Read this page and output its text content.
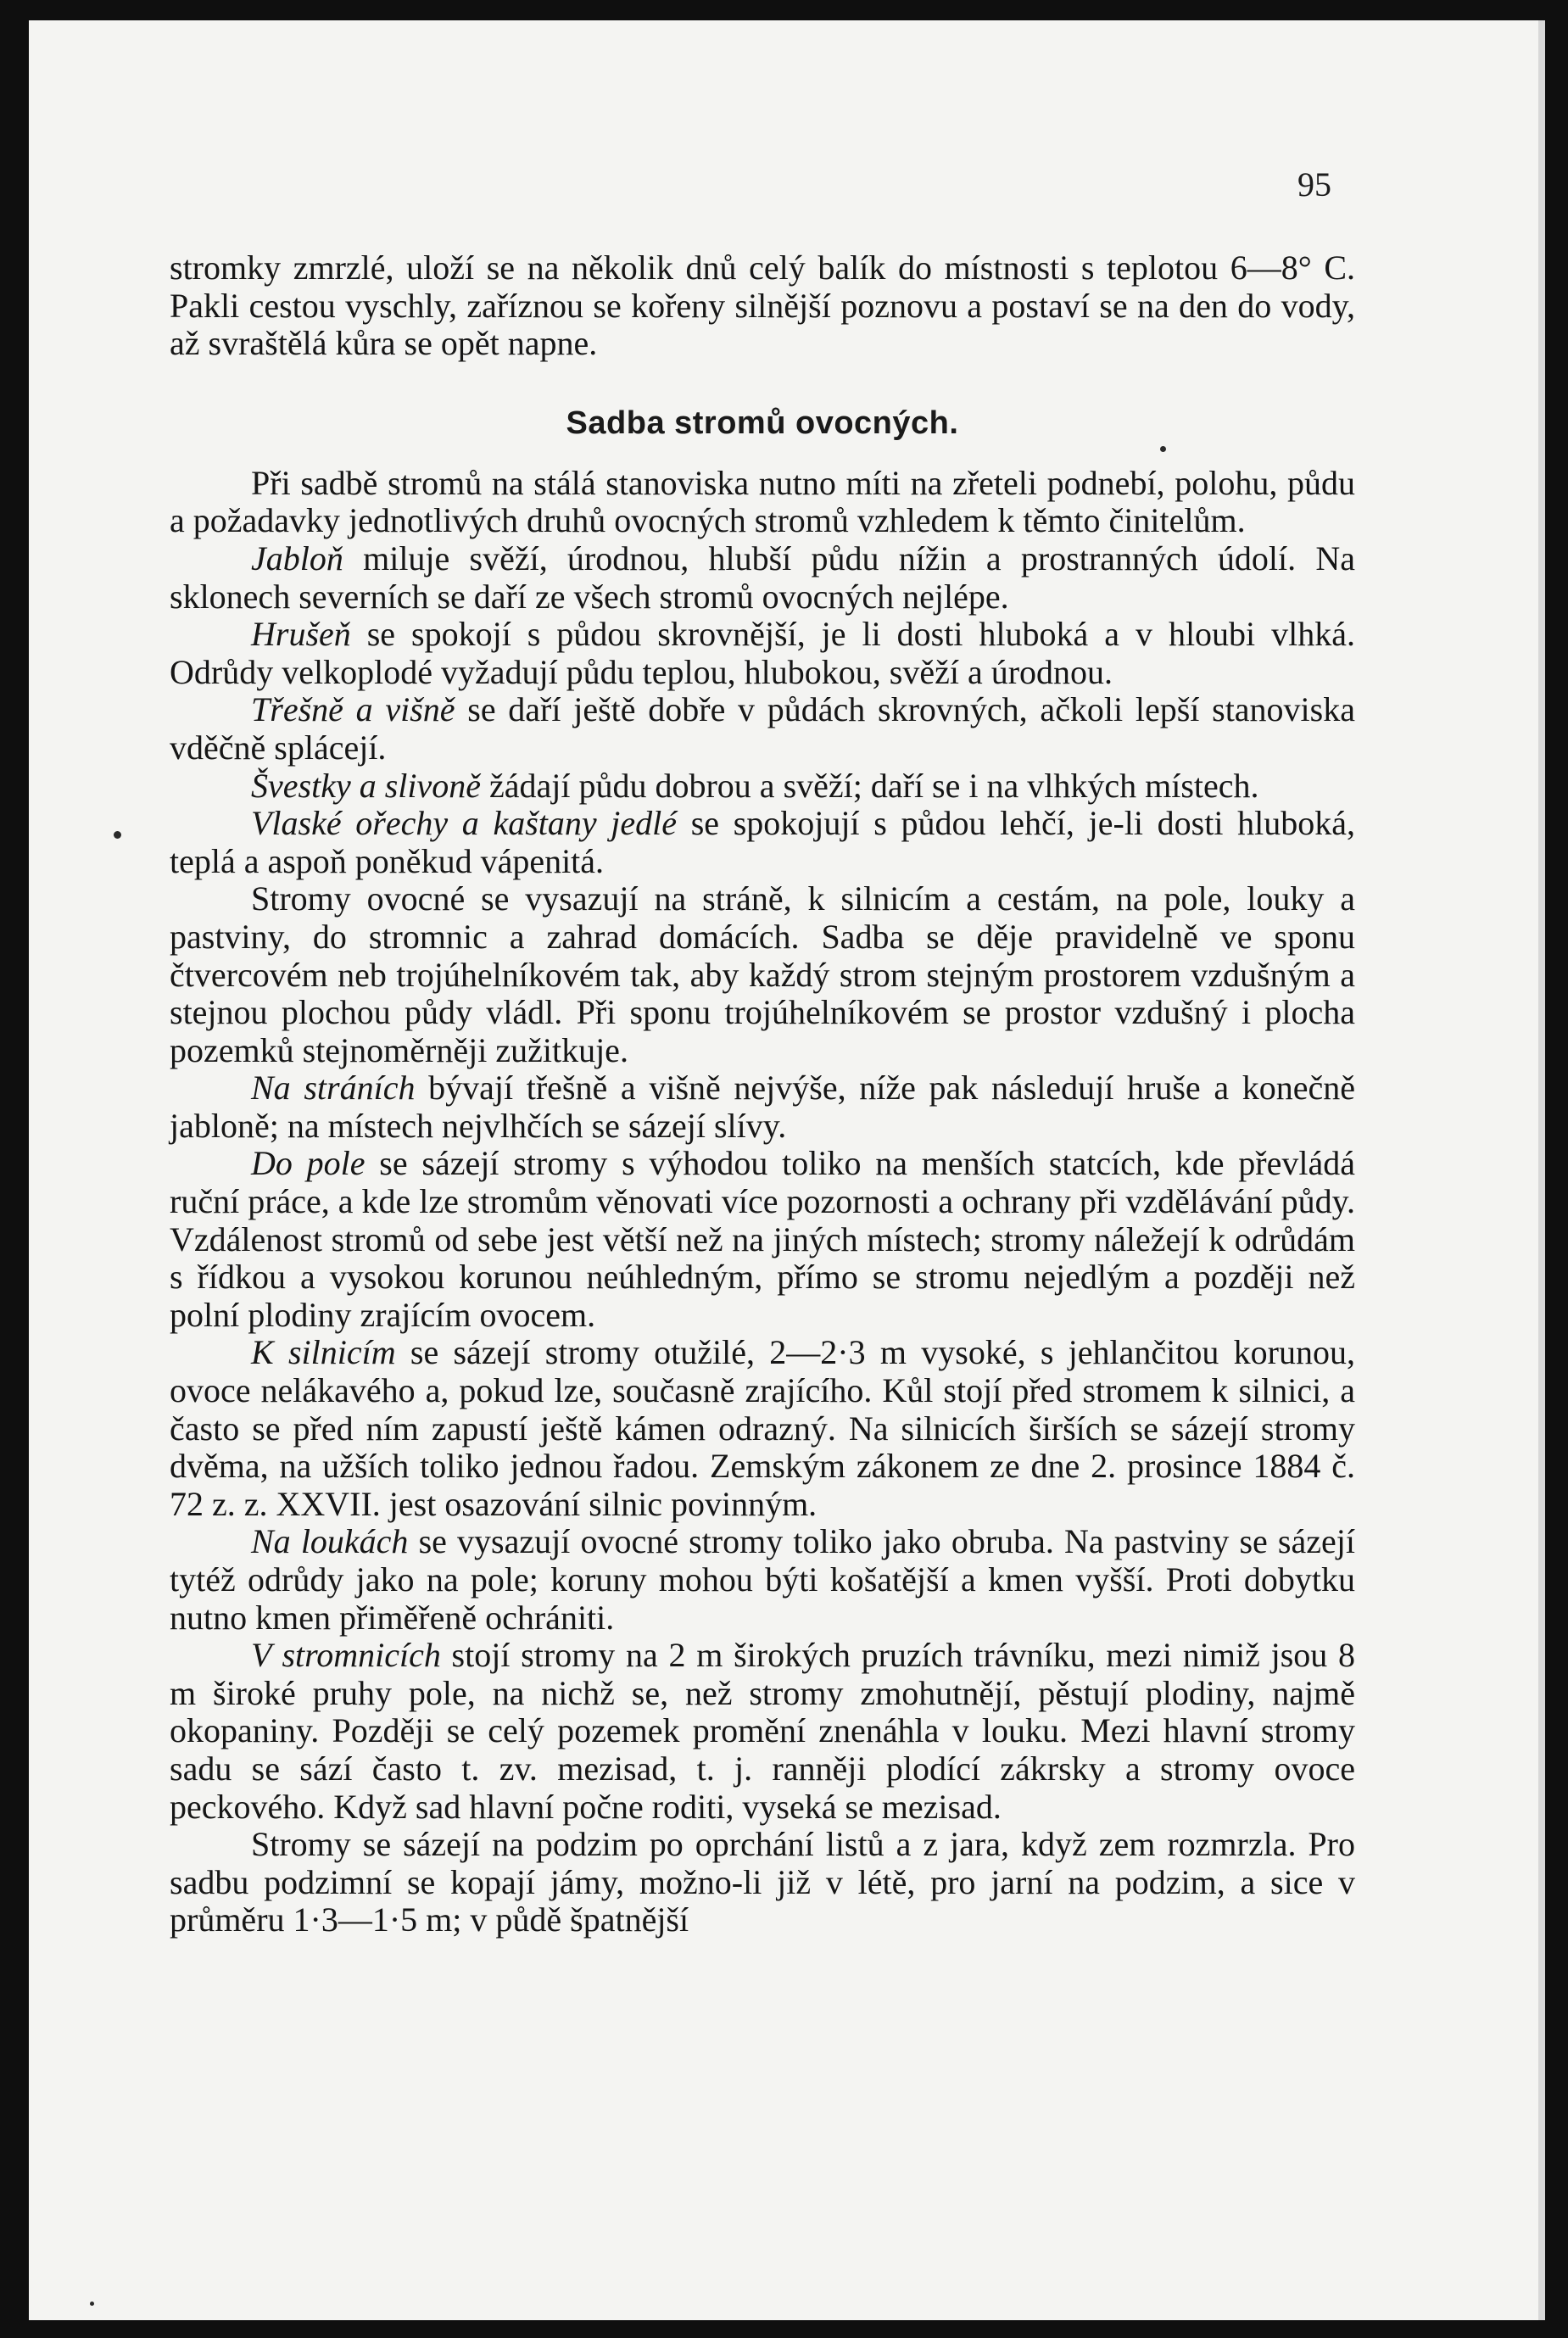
95

stromky zmrzlé, uloží se na několik dnů celý balík do místnosti s teplotou 6—8° C. Pakli cestou vyschly, zaříznou se kořeny silnější poznovu a postaví se na den do vody, až svraštělá kůra se opět napne.

Sadba stromů ovocných.

Při sadbě stromů na stálá stanoviska nutno míti na zřeteli podnebí, polohu, půdu a požadavky jednotlivých druhů ovocných stromů vzhledem k těmto činitelům.

Jabloň miluje svěží, úrodnou, hlubší půdu nížin a prostranných údolí. Na sklonech severních se daří ze všech stromů ovocných nejlépe.

Hrušeň se spokojí s půdou skrovnější, je li dosti hluboká a v hloubi vlhká. Odrůdy velkoplodé vyžadují půdu teplou, hlubokou, svěží a úrodnou.

Třešně a višně se daří ještě dobře v půdách skrovných, ačkoli lepší stanoviska vděčně splácejí.

Švestky a slivoně žádají půdu dobrou a svěží; daří se i na vlhkých místech.

Vlaské ořechy a kaštany jedlé se spokojují s půdou lehčí, je-li dosti hluboká, teplá a aspoň poněkud vápenitá.

Stromy ovocné se vysazují na stráně, k silnicím a cestám, na pole, louky a pastviny, do stromnic a zahrad domácích. Sadba se děje pravidelně ve sponu čtvercovém neb trojúhelníkovém tak, aby každý strom stejným prostorem vzdušným a stejnou plochou půdy vládl. Při sponu trojúhelníkovém se prostor vzdušný i plocha pozemků stejnoměrněji zužitkuje.

Na stráních bývají třešně a višně nejvýše, níže pak následují hruše a konečně jabloně; na místech nejvlhčích se sázejí slívy.

Do pole se sázejí stromy s výhodou toliko na menších statcích, kde převládá ruční práce, a kde lze stromům věnovati více pozornosti a ochrany při vzdělávání půdy. Vzdálenost stromů od sebe jest větší než na jiných místech; stromy náležejí k odrůdám s řídkou a vysokou korunou neúhledným, přímo se stromu nejedlým a později než polní plodiny zrajícím ovocem.

K silnicím se sázejí stromy otužilé, 2—2·3 m vysoké, s jehlančitou korunou, ovoce nelákavého a, pokud lze, současně zrajícího. Kůl stojí před stromem k silnici, a často se před ním zapustí ještě kámen odrazný. Na silnicích širších se sázejí stromy dvěma, na užších toliko jednou řadou. Zemským zákonem ze dne 2. prosince 1884 č. 72 z. z. XXVII. jest osazování silnic povinným.

Na loukách se vysazují ovocné stromy toliko jako obruba. Na pastviny se sázejí tytéž odrůdy jako na pole; koruny mohou býti košatější a kmen vyšší. Proti dobytku nutno kmen přiměřeně ochrániti.

V stromnicích stojí stromy na 2 m širokých pruzích trávníku, mezi nimiž jsou 8 m široké pruhy pole, na nichž se, než stromy zmohutnějí, pěstují plodiny, najmě okopaniny. Později se celý pozemek promění znenáhla v louku. Mezi hlavní stromy sadu se sází často t. zv. mezisad, t. j. ranněji plodící zákrsky a stromy ovoce peckového. Když sad hlavní počne roditi, vyseká se mezisad.

Stromy se sázejí na podzim po oprchání listů a z jara, když zem rozmrzla. Pro sadbu podzimní se kopají jámy, možno-li již v létě, pro jarní na podzim, a sice v průměru 1·3—1·5 m; v půdě špatnější
